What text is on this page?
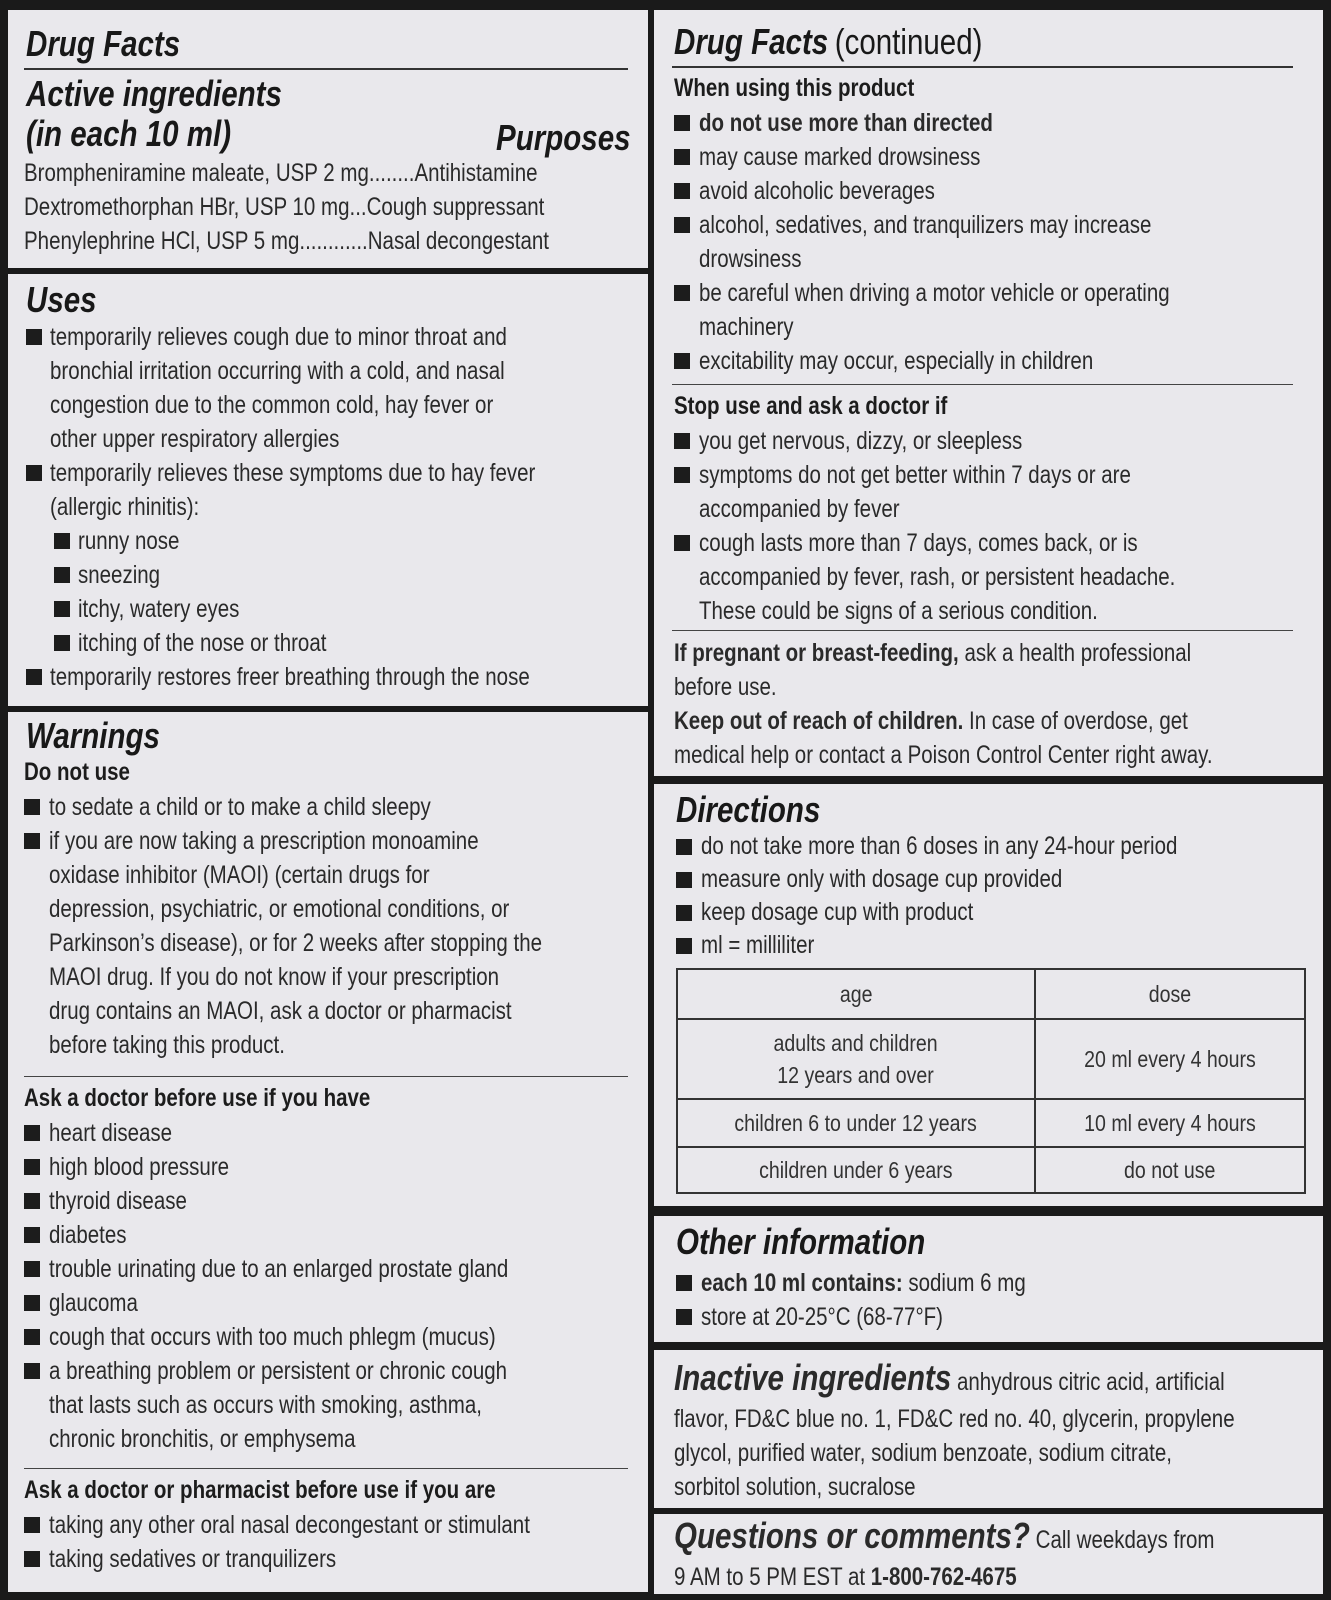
Drug Facts
Active ingredients
(in each 10 ml)	Purposes
Brompheniramine maleate, USP 2 mg........Antihistamine
Dextromethorphan HBr, USP 10 mg...Cough suppressant
Phenylephrine HCl, USP 5 mg............Nasal decongestant
Uses
temporarily relieves cough due to minor throat and
bronchial irritation occurring with a cold, and nasal
congestion due to the common cold, hay fever or
other upper respiratory allergies
temporarily relieves these symptoms due to hay fever
(allergic rhinitis):
runny nose
sneezing
itchy, watery eyes
itching of the nose or throat
temporarily restores freer breathing through the nose
Warnings
Do not use
to sedate a child or to make a child sleepy
if you are now taking a prescription monoamine
oxidase inhibitor (MAOI) (certain drugs for
depression, psychiatric, or emotional conditions, or
Parkinson’s disease), or for 2 weeks after stopping the
MAOI drug. If you do not know if your prescription
drug contains an MAOI, ask a doctor or pharmacist
before taking this product.
Ask a doctor before use if you have
heart disease
high blood pressure
thyroid disease
diabetes
trouble urinating due to an enlarged prostate gland
glaucoma
cough that occurs with too much phlegm (mucus)
a breathing problem or persistent or chronic cough
that lasts such as occurs with smoking, asthma,
chronic bronchitis, or emphysema
Ask a doctor or pharmacist before use if you are
taking any other oral nasal decongestant or stimulant
taking sedatives or tranquilizers
Drug Facts (continued)
When using this product
do not use more than directed
may cause marked drowsiness
avoid alcoholic beverages
alcohol, sedatives, and tranquilizers may increase
drowsiness
be careful when driving a motor vehicle or operating
machinery
excitability may occur, especially in children
Stop use and ask a doctor if
you get nervous, dizzy, or sleepless
symptoms do not get better within 7 days or are
accompanied by fever
cough lasts more than 7 days, comes back, or is
accompanied by fever, rash, or persistent headache.
These could be signs of a serious condition.
If pregnant or breast-feeding, ask a health professional
before use.
Keep out of reach of children. In case of overdose, get
medical help or contact a Poison Control Center right away.
Directions
do not take more than 6 doses in any 24-hour period
measure only with dosage cup provided
keep dosage cup with product
ml = milliliter
age	dose
adults and children
12 years and over	20 ml every 4 hours
children 6 to under 12 years	10 ml every 4 hours
children under 6 years	do not use
Other information
each 10 ml contains: sodium 6 mg
store at 20-25°C (68-77°F)
Inactive ingredients anhydrous citric acid, artificial
flavor, FD&C blue no. 1, FD&C red no. 40, glycerin, propylene
glycol, purified water, sodium benzoate, sodium citrate,
sorbitol solution, sucralose
Questions or comments? Call weekdays from
9 AM to 5 PM EST at 1-800-762-4675
